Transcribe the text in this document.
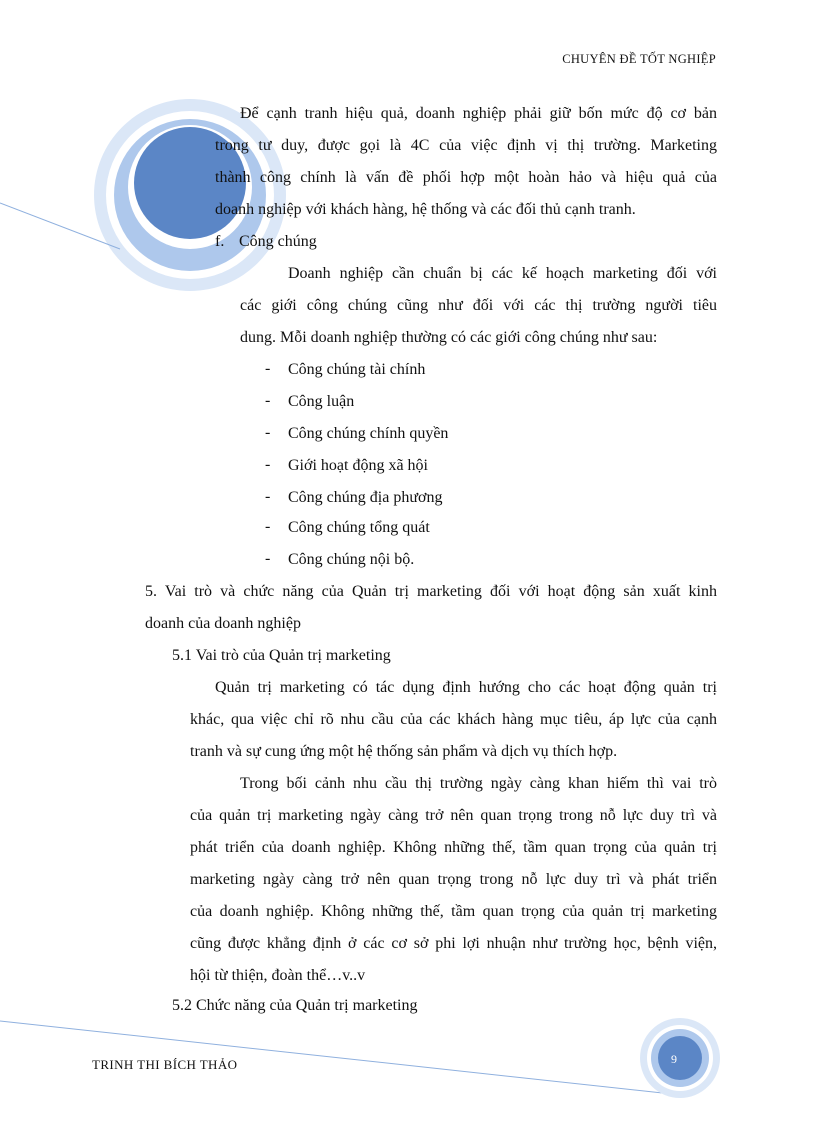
CHUYÊN ĐỀ TỐT NGHIỆP
Để cạnh tranh hiệu quả, doanh nghiệp phải giữ bốn mức độ cơ bản
trong tư duy, được gọi là 4C của việc định vị thị trường. Marketing
thành công chính là vấn đề phối hợp một hoàn hảo và hiệu quả của
doanh nghiệp với khách hàng, hệ thống và các đối thủ cạnh tranh.
f. Công chúng
Doanh nghiệp cần chuẩn bị các kế hoạch marketing đối với
các giới công chúng cũng như đối với các thị trường người tiêu
dung. Mỗi doanh nghiệp thường có các giới công chúng như sau:
- Công chúng tài chính
- Công luận
- Công chúng chính quyền
- Giới hoạt động xã hội
- Công chúng địa phương
- Công chúng tổng quát
- Công chúng nội bộ.
5. Vai trò và chức năng của Quản trị marketing đối với hoạt động sản xuất kinh
doanh của doanh nghiệp
5.1 Vai trò của Quản trị marketing
Quản trị marketing có tác dụng định hướng cho các hoạt động quản trị
khác, qua việc chỉ rõ nhu cầu của các khách hàng mục tiêu, áp lực của cạnh
tranh và sự cung ứng một hệ thống sản phẩm và dịch vụ thích hợp.
Trong bối cảnh nhu cầu thị trường ngày càng khan hiếm thì vai trò
của quản trị marketing ngày càng trở nên quan trọng trong nỗ lực duy trì và
phát triển của doanh nghiệp. Không những thế, tầm quan trọng của quản trị
marketing ngày càng trở nên quan trọng trong nỗ lực duy trì và phát triển
của doanh nghiệp. Không những thế, tầm quan trọng của quản trị marketing
cũng được khẳng định ở các cơ sở phi lợi nhuận như trường học, bệnh viện,
hội từ thiện, đoàn thể…v..v
5.2 Chức năng của Quản trị marketing
TRINH THI BÍCH THẢO	9
